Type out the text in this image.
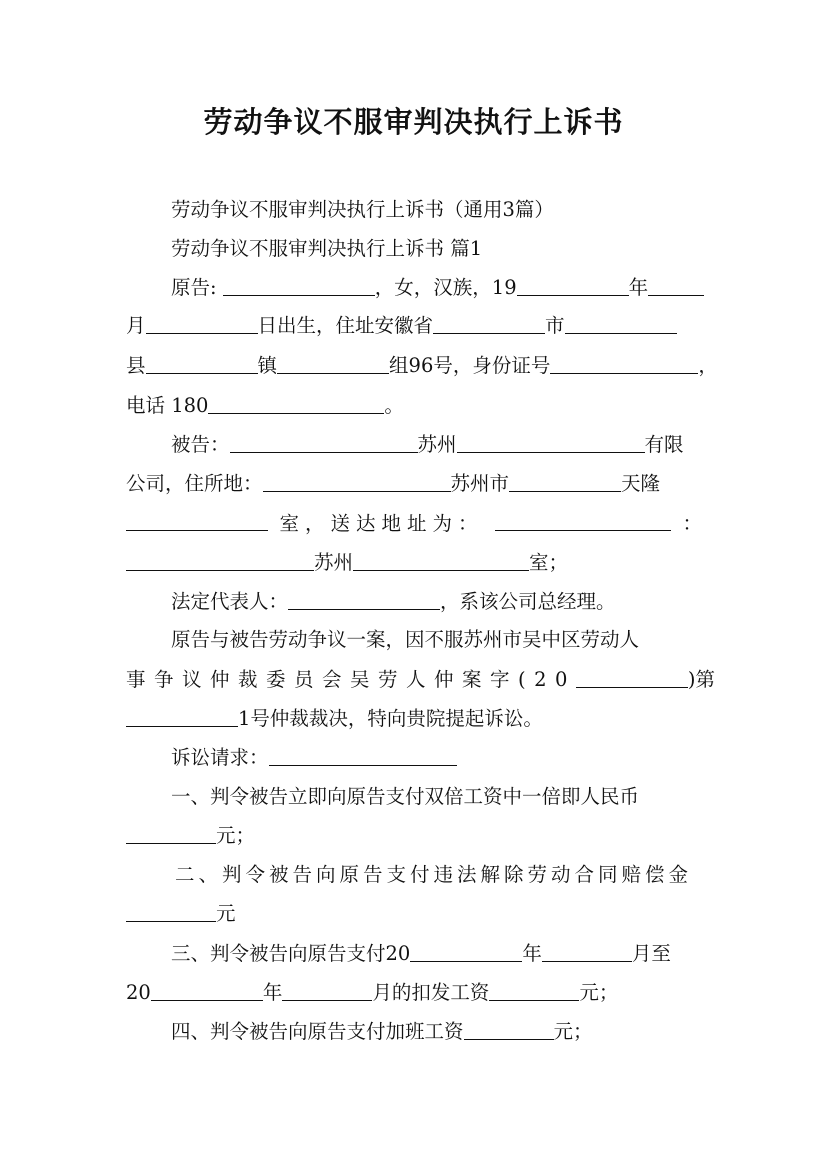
劳动争议不服审判决执行上诉书
劳动争议不服审判决执行上诉书（通用3篇）
劳动争议不服审判决执行上诉书 篇1
原告:	，女，汉族，19	年
月	日出生，住址安徽省	市
县	镇	组96号，身份证号	，
电话 180	。
被告：	苏州	有限
公司，住所地：	苏州市	天隆
室，送达地址为：	：
苏州	室；
法定代表人：	，系该公司总经理。
原告与被告劳动争议一案，因不服苏州市吴中区劳动人
事争议仲裁委员会吴劳人仲案字(20	)第
1号仲裁裁决，特向贵院提起诉讼。
诉讼请求：
一、判令被告立即向原告支付双倍工资中一倍即人民币
元；
二、判令被告向原告支付违法解除劳动合同赔偿金
元
三、判令被告向原告支付20	年	月至
20	年	月的扣发工资	元；
四、判令被告向原告支付加班工资	元；
